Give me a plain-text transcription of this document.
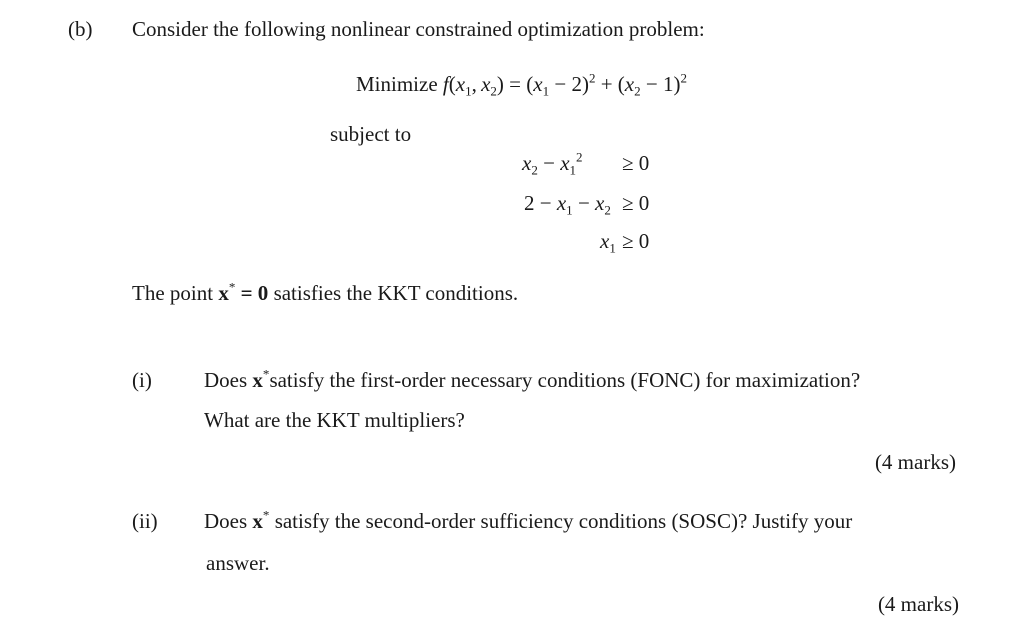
(b) Consider the following nonlinear constrained optimization problem:
Minimize $f(x_1$, $x_2) = (x_1 - 2)^2 + (x_2 - 1)^2$
subject to
$x_2 - x_1^2 \ge 0$
$2 - x_1 - x_2 \ge 0$
$x_1 \ge 0$
The point x* = 0 satisfies the KKT conditions.
(i) Does x*satisfy the first-order necessary conditions (FONC) for maximization?
What are the KKT multipliers?
(4 marks)
(ii) Does x* satisfy the second-order sufficiency conditions (SOSC)? Justify your
answer.
(4 marks)
